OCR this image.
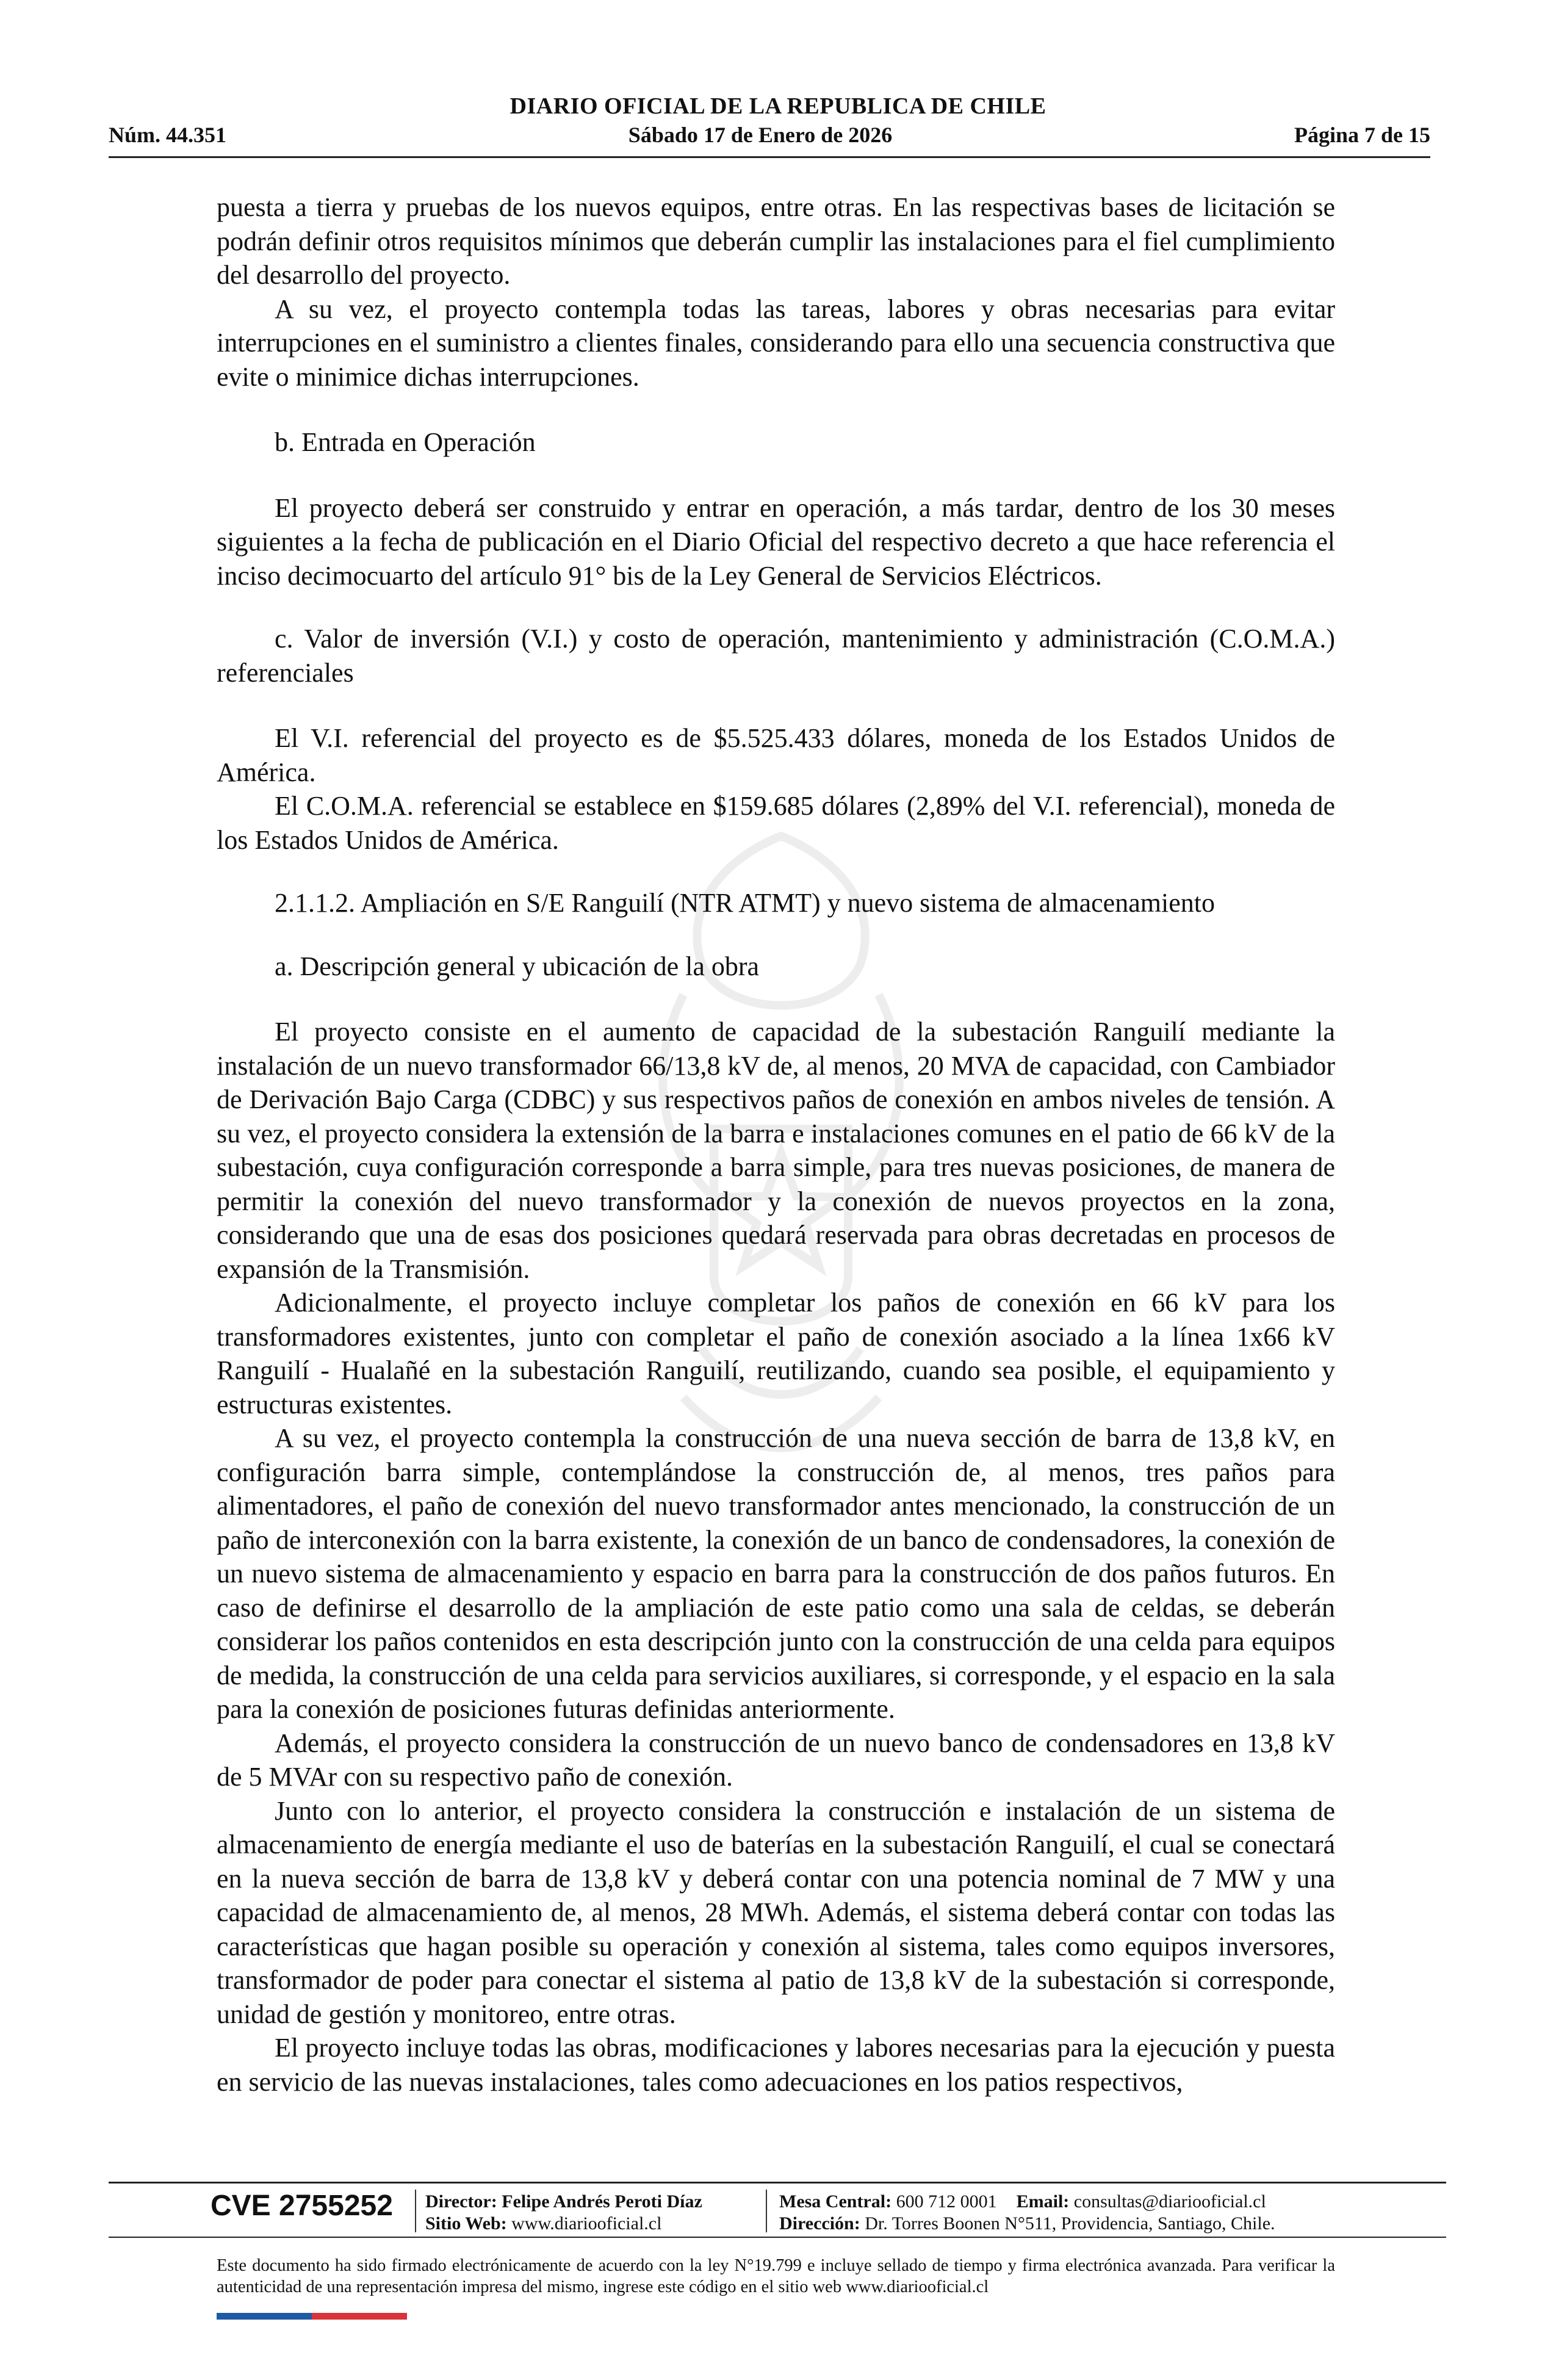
DIARIO OFICIAL DE LA REPUBLICA DE CHILE
Núm. 44.351	Sábado 17 de Enero de 2026	Página 7 de 15

puesta a tierra y pruebas de los nuevos equipos, entre otras. En las respectivas bases de licitación se podrán definir otros requisitos mínimos que deberán cumplir las instalaciones para el fiel cumplimiento del desarrollo del proyecto.

A su vez, el proyecto contempla todas las tareas, labores y obras necesarias para evitar interrupciones en el suministro a clientes finales, considerando para ello una secuencia constructiva que evite o minimice dichas interrupciones.

b. Entrada en Operación

El proyecto deberá ser construido y entrar en operación, a más tardar, dentro de los 30 meses siguientes a la fecha de publicación en el Diario Oficial del respectivo decreto a que hace referencia el inciso decimocuarto del artículo 91° bis de la Ley General de Servicios Eléctricos.

c. Valor de inversión (V.I.) y costo de operación, mantenimiento y administración (C.O.M.A.) referenciales

El V.I. referencial del proyecto es de $5.525.433 dólares, moneda de los Estados Unidos de América.

El C.O.M.A. referencial se establece en $159.685 dólares (2,89% del V.I. referencial), moneda de los Estados Unidos de América.

2.1.1.2. Ampliación en S/E Ranguilí (NTR ATMT) y nuevo sistema de almacenamiento

a. Descripción general y ubicación de la obra

El proyecto consiste en el aumento de capacidad de la subestación Ranguilí mediante la instalación de un nuevo transformador 66/13,8 kV de, al menos, 20 MVA de capacidad, con Cambiador de Derivación Bajo Carga (CDBC) y sus respectivos paños de conexión en ambos niveles de tensión. A su vez, el proyecto considera la extensión de la barra e instalaciones comunes en el patio de 66 kV de la subestación, cuya configuración corresponde a barra simple, para tres nuevas posiciones, de manera de permitir la conexión del nuevo transformador y la conexión de nuevos proyectos en la zona, considerando que una de esas dos posiciones quedará reservada para obras decretadas en procesos de expansión de la Transmisión.

Adicionalmente, el proyecto incluye completar los paños de conexión en 66 kV para los transformadores existentes, junto con completar el paño de conexión asociado a la línea 1x66 kV Ranguilí - Hualañé en la subestación Ranguilí, reutilizando, cuando sea posible, el equipamiento y estructuras existentes.

A su vez, el proyecto contempla la construcción de una nueva sección de barra de 13,8 kV, en configuración barra simple, contemplándose la construcción de, al menos, tres paños para alimentadores, el paño de conexión del nuevo transformador antes mencionado, la construcción de un paño de interconexión con la barra existente, la conexión de un banco de condensadores, la conexión de un nuevo sistema de almacenamiento y espacio en barra para la construcción de dos paños futuros. En caso de definirse el desarrollo de la ampliación de este patio como una sala de celdas, se deberán considerar los paños contenidos en esta descripción junto con la construcción de una celda para equipos de medida, la construcción de una celda para servicios auxiliares, si corresponde, y el espacio en la sala para la conexión de posiciones futuras definidas anteriormente.

Además, el proyecto considera la construcción de un nuevo banco de condensadores en 13,8 kV de 5 MVAr con su respectivo paño de conexión.

Junto con lo anterior, el proyecto considera la construcción e instalación de un sistema de almacenamiento de energía mediante el uso de baterías en la subestación Ranguilí, el cual se conectará en la nueva sección de barra de 13,8 kV y deberá contar con una potencia nominal de 7 MW y una capacidad de almacenamiento de, al menos, 28 MWh. Además, el sistema deberá contar con todas las características que hagan posible su operación y conexión al sistema, tales como equipos inversores, transformador de poder para conectar el sistema al patio de 13,8 kV de la subestación si corresponde, unidad de gestión y monitoreo, entre otras.

El proyecto incluye todas las obras, modificaciones y labores necesarias para la ejecución y puesta en servicio de las nuevas instalaciones, tales como adecuaciones en los patios respectivos,

CVE 2755252 Director: Felipe Andrés Peroti Díaz
Sitio Web: www.diariooficial.cl
Mesa Central: 600 712 0001 Email: consultas@diariooficial.cl
Dirección: Dr. Torres Boonen N°511, Providencia, Santiago, Chile.
Este documento ha sido firmado electrónicamente de acuerdo con la ley N°19.799 e incluye sellado de tiempo y firma electrónica avanzada. Para verificar la autenticidad de una representación impresa del mismo, ingrese este código en el sitio web www.diariooficial.cl
